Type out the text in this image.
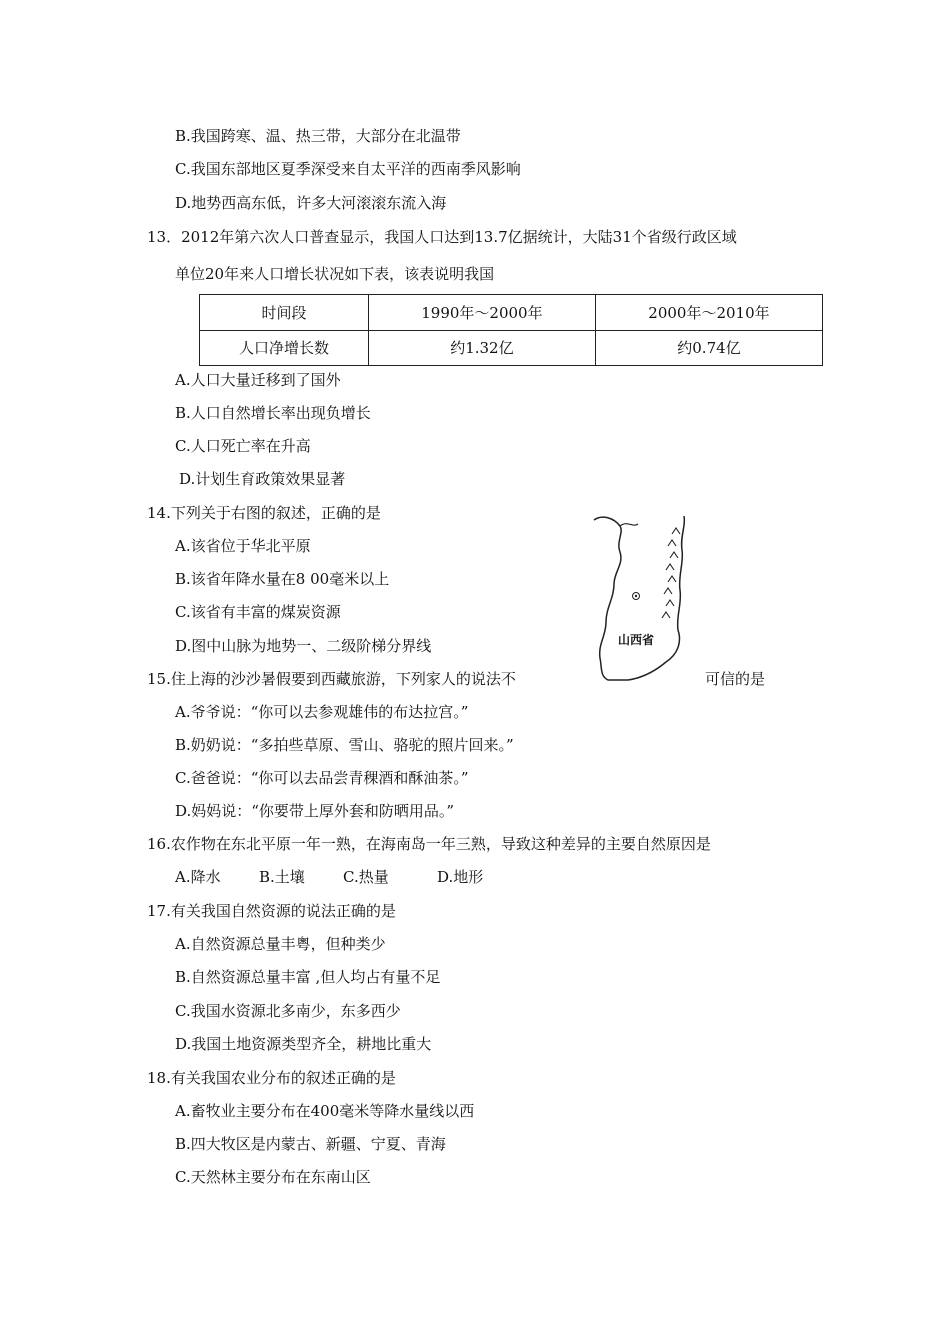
B.我国跨寒、温、热三带，大部分在北温带
C.我国东部地区夏季深受来自太平洋的西南季风影响
D.地势西高东低，许多大河滚滚东流入海
13．2012年第六次人口普查显示，我国人口达到13.7亿据统计，大陆31个省级行政区域
单位20年来人口增长状况如下表，该表说明我国
时间段	1990年～2000年	2000年～2010年
人口净增长数	约1.32亿	约0.74亿
A.人口大量迁移到了国外
B.人口自然增长率出现负增长
C.人口死亡率在升高
D.计划生育政策效果显著
14.下列关于右图的叙述，正确的是
A.该省位于华北平原
B.该省年降水量在8 00毫米以上
C.该省有丰富的煤炭资源
D.图中山脉为地势一、二级阶梯分界线	山西省
15.住上海的沙沙暑假要到西藏旅游，下列家人的说法不	可信的是
A.爷爷说：“你可以去参观雄伟的布达拉宫。”
B.奶奶说：“多拍些草原、雪山、骆驼的照片回来。”
C.爸爸说：“你可以去品尝青稞酒和酥油茶。”
D.妈妈说：“你要带上厚外套和防晒用品。”
16.农作物在东北平原一年一熟，在海南岛一年三熟，导致这种差异的主要自然原因是
A.降水	B.土壤	C.热量	D.地形
17.有关我国自然资源的说法正确的是
A.自然资源总量丰粤，但种类少
B.自然资源总量丰富 ,但人均占有量不足
C.我国水资源北多南少，东多西少
D.我国土地资源类型齐全，耕地比重大
18.有关我国农业分布的叙述正确的是
A.畜牧业主要分布在400毫米等降水量线以西
B.四大牧区是内蒙古、新疆、宁夏、青海
C.天然林主要分布在东南山区
